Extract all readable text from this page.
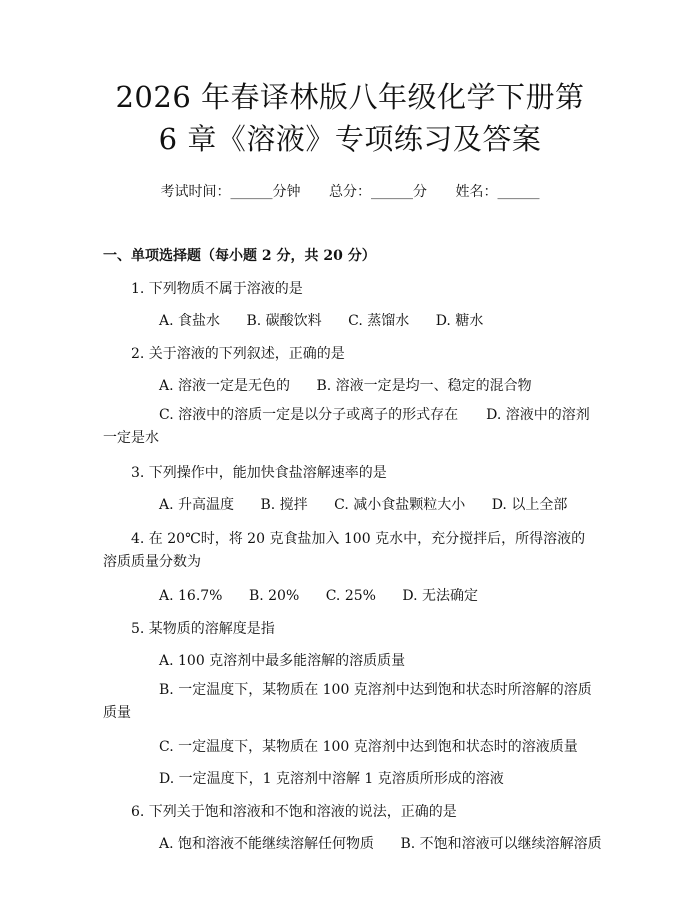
2026 年春译林版八年级化学下册第 6 章《溶液》专项练习及答案
考试时间：______分钟 总分：______分 姓名：______
一、单项选择题（每小题 2 分，共 20 分）
1. 下列物质不属于溶液的是
A. 食盐水 B. 碳酸饮料 C. 蒸馏水 D. 糖水
2. 关于溶液的下列叙述，正确的是
A. 溶液一定是无色的 B. 溶液一定是均一、稳定的混合物
C. 溶液中的溶质一定是以分子或离子的形式存在　　D. 溶液中的溶剂一定是水
3. 下列操作中，能加快食盐溶解速率的是
A. 升高温度 B. 搅拌 C. 减小食盐颗粒大小 D. 以上全部
4. 在 20℃时，将 20 克食盐加入 100 克水中，充分搅拌后，所得溶液的溶质质量分数为
A. 16.7% B. 20% C. 25% D. 无法确定
5. 某物质的溶解度是指
A. 100 克溶剂中最多能溶解的溶质质量
B. 一定温度下，某物质在 100 克溶剂中达到饱和状态时所溶解的溶质质量
C. 一定温度下，某物质在 100 克溶剂中达到饱和状态时的溶液质量
D. 一定温度下，1 克溶剂中溶解 1 克溶质所形成的溶液
6. 下列关于饱和溶液和不饱和溶液的说法，正确的是
A. 饱和溶液不能继续溶解任何物质 B. 不饱和溶液可以继续溶解溶质
